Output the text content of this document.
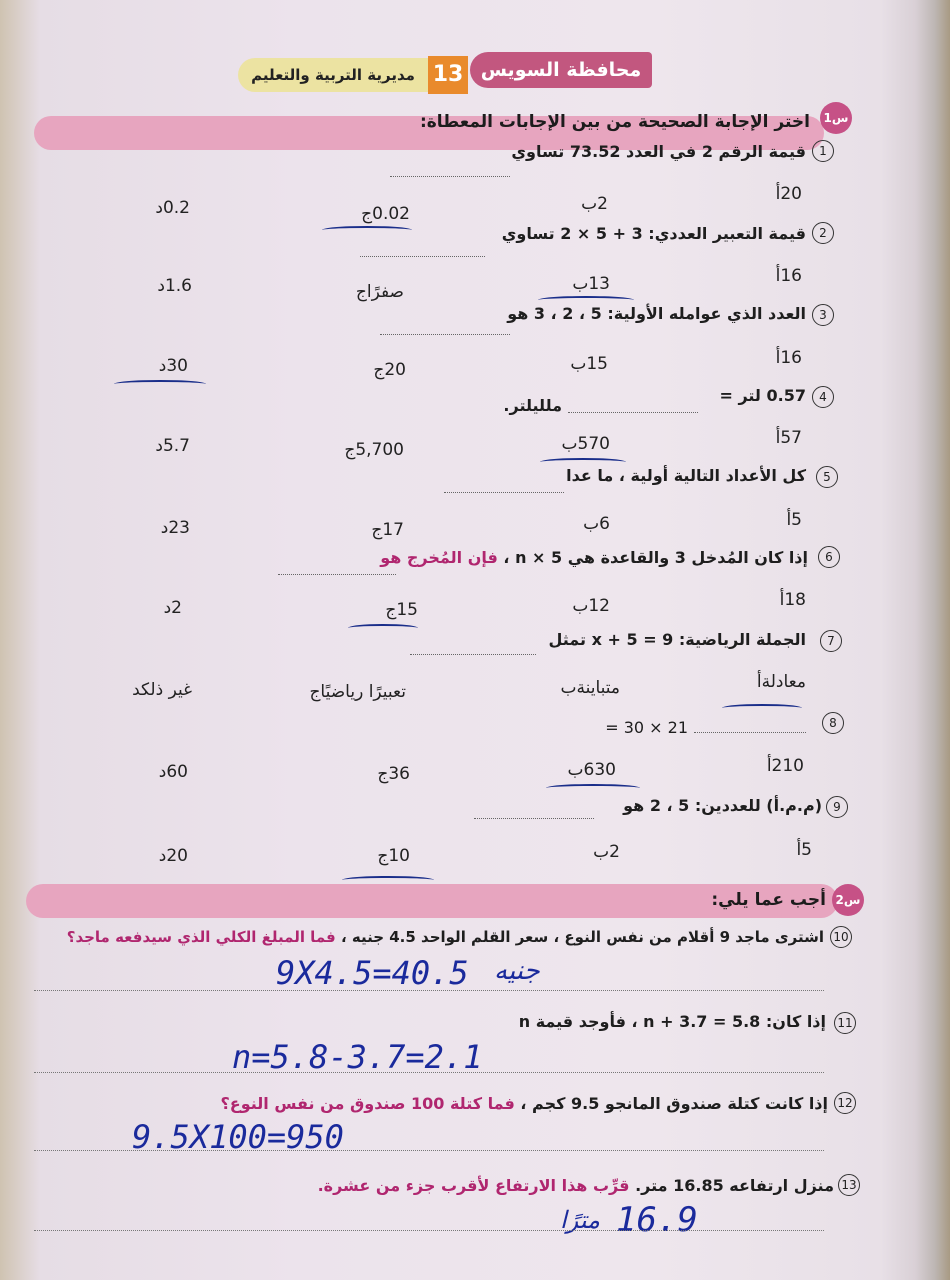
محافظة السويس
13
مديرية التربية والتعليم
س1
اختر الإجابة الصحيحة من بين الإجابات المعطاة:
1
قيمة الرقم 2 في العدد 73.52 تساوي
20أ
2ب
0.02ج
0.2د
2
قيمة التعبير العددي: 3 + 5 × 2 تساوي
16أ
13ب
صفرًاج
1.6د
3
العدد الذي عوامله الأولية: 5 ، 2 ، 3 هو
16أ
15ب
20ج
30د
4
0.57 لتر =
ملليلتر.
57أ
570ب
5,700ج
5.7د
5
كل الأعداد التالية أولية ، ما عدا
5أ
6ب
17ج
23د
6
إذا كان المُدخل 3 والقاعدة هي 5 × n ، فإن المُخرج هو
18أ
12ب
15ج
2د
7
الجملة الرياضية: 9 = 5 + x تمثل
معادلةأ
متباينةب
تعبيرًا رياضيًاج
غير ذلكد
8
21 × 30 =
210أ
630ب
36ج
60د
9
(م.م.أ) للعددين: 5 ، 2 هو
5أ
2ب
10ج
20د
س2
أجب عما يلي:
10
اشترى ماجد 9 أقلام من نفس النوع ، سعر القلم الواحد 4.5 جنيه ، فما المبلغ الكلي الذي سيدفعه ماجد؟
9X4.5=40.5 جنيه
11
إذا كان: 5.8 = 3.7 + n ، فأوجد قيمة n
n=5.8-3.7=2.1
12
إذا كانت كتلة صندوق المانجو 9.5 كجم ، فما كتلة 100 صندوق من نفس النوع؟
9.5X100=950
13
منزل ارتفاعه 16.85 متر. قرِّب هذا الارتفاع لأقرب جزء من عشرة.
16.9
مترًا
